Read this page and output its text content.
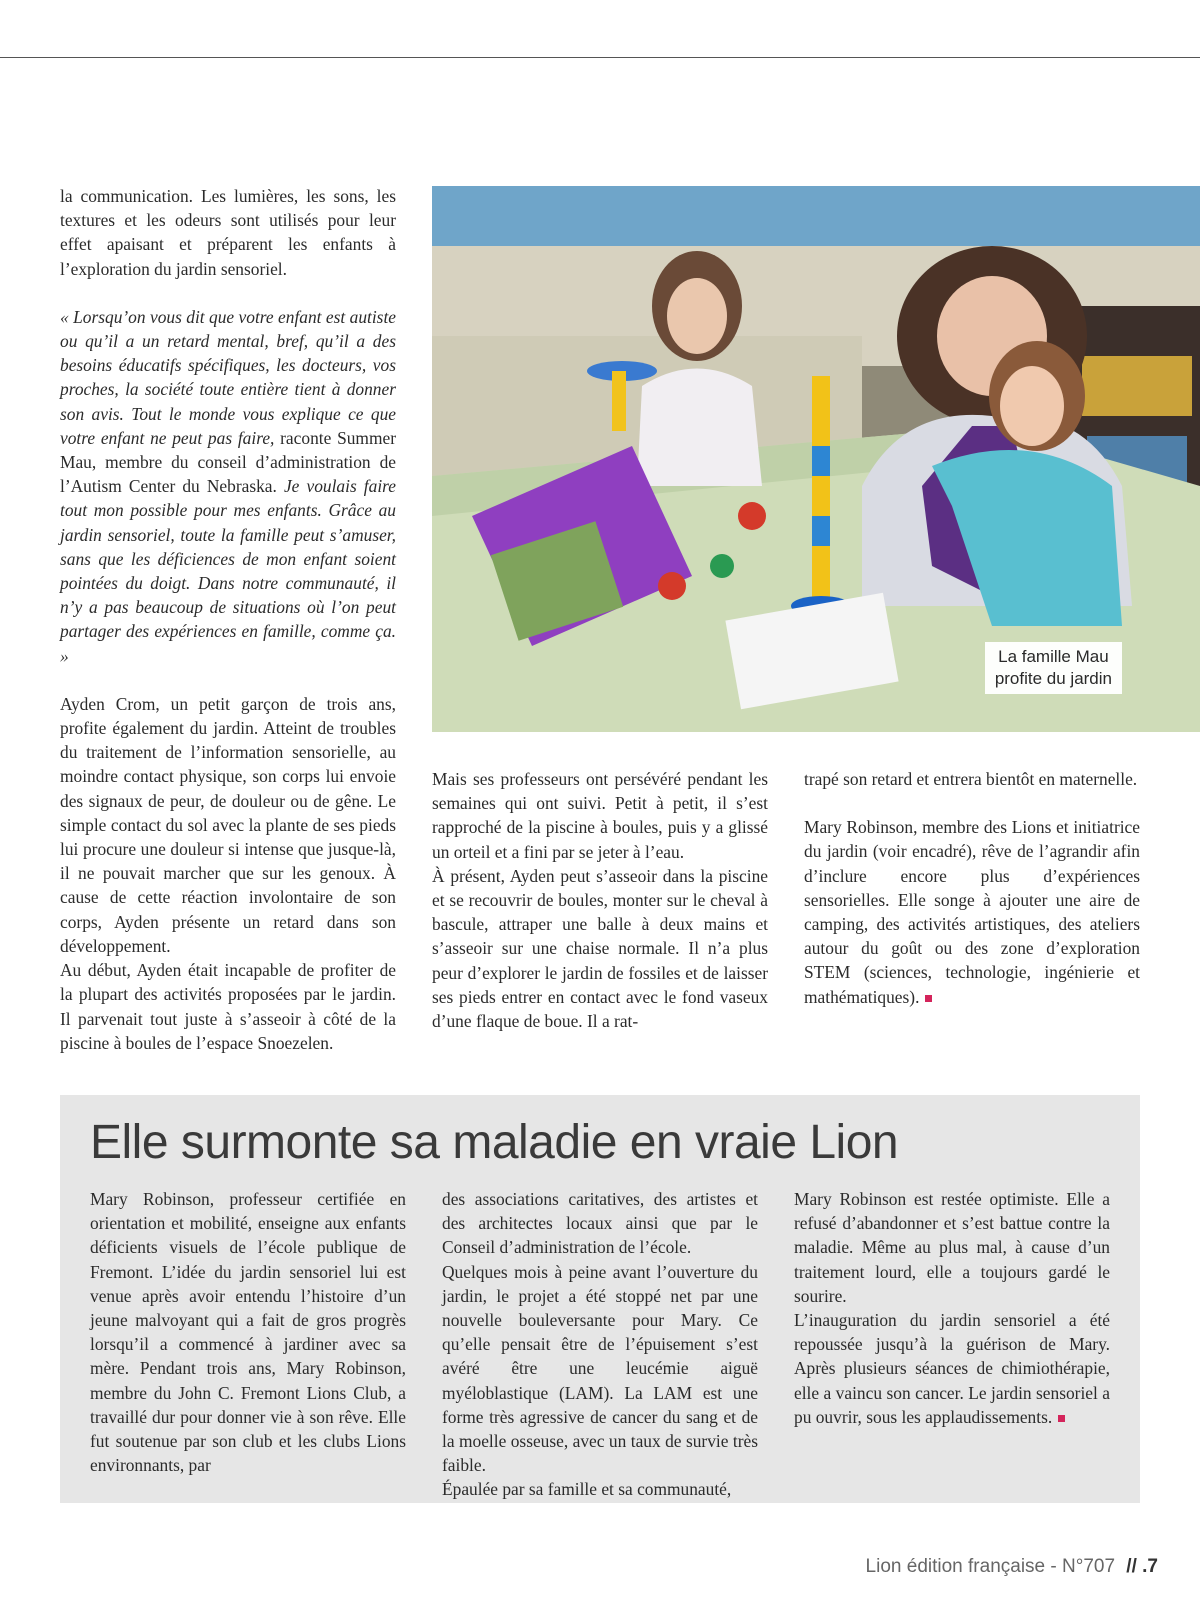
la communication. Les lumières, les sons, les textures et les odeurs sont utilisés pour leur effet apaisant et préparent les enfants à l’exploration du jardin sensoriel.

« Lorsqu’on vous dit que votre enfant est autiste ou qu’il a un retard mental, bref, qu’il a des besoins éducatifs spécifiques, les docteurs, vos proches, la société toute entière tient à donner son avis. Tout le monde vous explique ce que votre enfant ne peut pas faire, raconte Summer Mau, membre du conseil d’administration de l’Autism Center du Nebraska. Je voulais faire tout mon possible pour mes enfants. Grâce au jardin sensoriel, toute la famille peut s’amuser, sans que les déficiences de mon enfant soient pointées du doigt. Dans notre communauté, il n’y a pas beaucoup de situations où l’on peut partager des expériences en famille, comme ça. »

Ayden Crom, un petit garçon de trois ans, profite également du jardin. Atteint de troubles du traitement de l’information sensorielle, au moindre contact physique, son corps lui envoie des signaux de peur, de douleur ou de gêne. Le simple contact du sol avec la plante de ses pieds lui procure une douleur si intense que jusque-là, il ne pouvait marcher que sur les genoux. À cause de cette réaction involontaire de son corps, Ayden présente un retard dans son développement.

Au début, Ayden était incapable de profiter de la plupart des activités proposées par le jardin. Il parvenait tout juste à s’asseoir à côté de la piscine à boules de l’espace Snoezelen.

La famille Mau
profite du jardin

Mais ses professeurs ont persévéré pendant les semaines qui ont suivi. Petit à petit, il s’est rapproché de la piscine à boules, puis y a glissé un orteil et a fini par se jeter à l’eau.

À présent, Ayden peut s’asseoir dans la piscine et se recouvrir de boules, monter sur le cheval à bascule, attraper une balle à deux mains et s’asseoir sur une chaise normale. Il n’a plus peur d’explorer le jardin de fossiles et de laisser ses pieds entrer en contact avec le fond vaseux d’une flaque de boue. Il a rat-

trapé son retard et entrera bientôt en maternelle.

Mary Robinson, membre des Lions et initiatrice du jardin (voir encadré), rêve de l’agrandir afin d’inclure encore plus d’expériences sensorielles. Elle songe à ajouter une aire de camping, des activités artistiques, des ateliers autour du goût ou des zone d’exploration STEM (sciences, technologie, ingénierie et mathématiques).

Elle surmonte sa maladie en vraie Lion

Mary Robinson, professeur certifiée en orientation et mobilité, enseigne aux enfants déficients visuels de l’école publique de Fremont. L’idée du jardin sensoriel lui est venue après avoir entendu l’histoire d’un jeune malvoyant qui a fait de gros progrès lorsqu’il a commencé à jardiner avec sa mère. Pendant trois ans, Mary Robinson, membre du John C. Fremont Lions Club, a travaillé dur pour donner vie à son rêve. Elle fut soutenue par son club et les clubs Lions environnants, par

des associations caritatives, des artistes et des architectes locaux ainsi que par le Conseil d’administration de l’école.

Quelques mois à peine avant l’ouverture du jardin, le projet a été stoppé net par une nouvelle bouleversante pour Mary. Ce qu’elle pensait être de l’épuisement s’est avéré être une leucémie aiguë myéloblastique (LAM). La LAM est une forme très agressive de cancer du sang et de la moelle osseuse, avec un taux de survie très faible.

Épaulée par sa famille et sa communauté,

Mary Robinson est restée optimiste. Elle a refusé d’abandonner et s’est battue contre la maladie. Même au plus mal, à cause d’un traitement lourd, elle a toujours gardé le sourire.

L’inauguration du jardin sensoriel a été repoussée jusqu’à la guérison de Mary. Après plusieurs séances de chimiothérapie, elle a vaincu son cancer. Le jardin sensoriel a pu ouvrir, sous les applaudissements.

Lion édition française - N°707 // .7
